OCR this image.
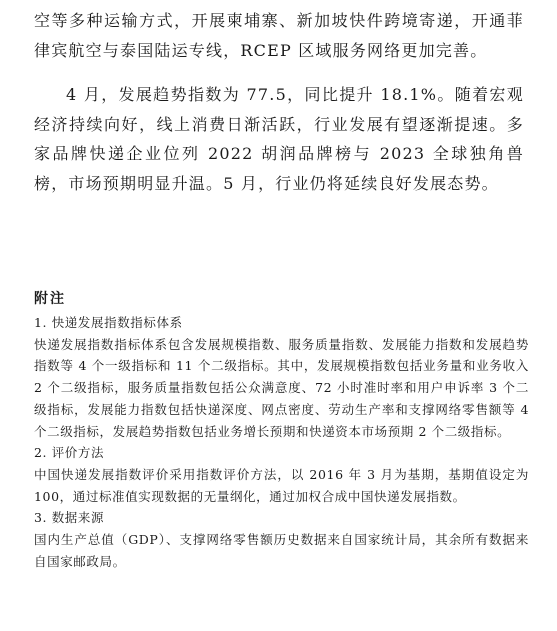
空等多种运输方式，开展柬埔寨、新加坡快件跨境寄递，开通菲律宾航空与泰国陆运专线，RCEP 区域服务网络更加完善。

4 月，发展趋势指数为 77.5，同比提升 18.1%。随着宏观经济持续向好，线上消费日渐活跃，行业发展有望逐渐提速。多家品牌快递企业位列 2022 胡润品牌榜与 2023 全球独角兽榜，市场预期明显升温。5 月，行业仍将延续良好发展态势。

附注

1. 快递发展指数指标体系

快递发展指数指标体系包含发展规模指数、服务质量指数、发展能力指数和发展趋势指数等 4 个一级指标和 11 个二级指标。其中，发展规模指数包括业务量和业务收入 2 个二级指标，服务质量指数包括公众满意度、72 小时准时率和用户申诉率 3 个二级指标，发展能力指数包括快递深度、网点密度、劳动生产率和支撑网络零售额等 4 个二级指标，发展趋势指数包括业务增长预期和快递资本市场预期 2 个二级指标。

2. 评价方法

中国快递发展指数评价采用指数评价方法，以 2016 年 3 月为基期，基期值设定为 100，通过标准值实现数据的无量纲化，通过加权合成中国快递发展指数。

3. 数据来源

国内生产总值（GDP）、支撑网络零售额历史数据来自国家统计局，其余所有数据来自国家邮政局。
